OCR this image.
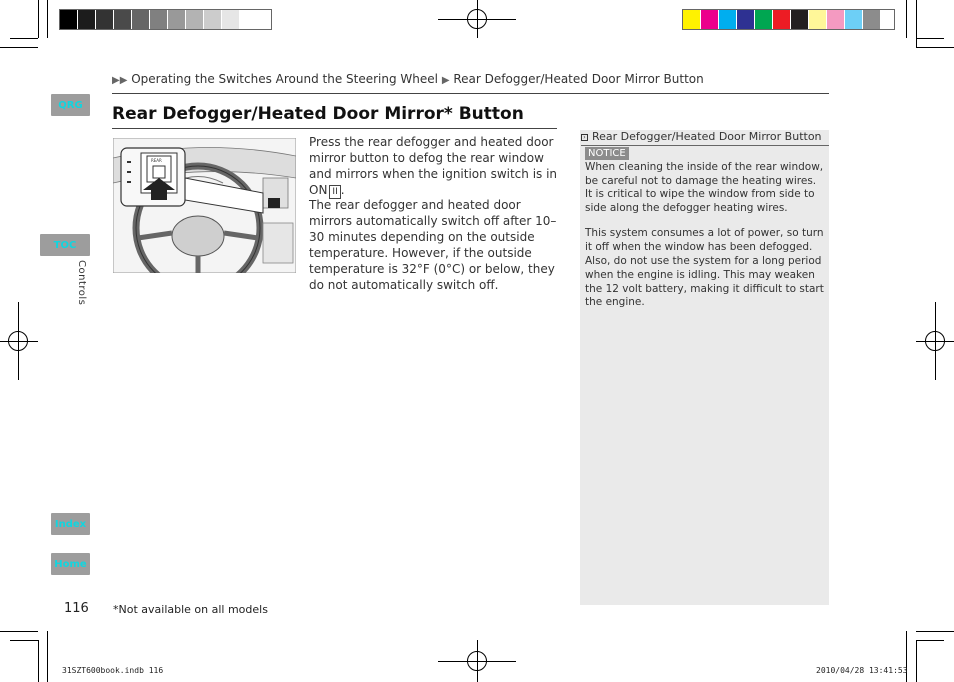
QRG
TOC
Controls
Index
Home
▶▶ Operating the Switches Around the Steering Wheel ▶ Rear Defogger/Heated Door Mirror Button
Rear Defogger/Heated Door Mirror* Button
REAR
Press the rear defogger and heated door mirror button to defog the rear window and mirrors when the ignition switch is in ON II .
The rear defogger and heated door mirrors automatically switch off after 10–30 minutes depending on the outside temperature. However, if the outside temperature is 32°F (0°C) or below, they do not automatically switch off.
› Rear Defogger/Heated Door Mirror Button
NOTICE
When cleaning the inside of the rear window, be careful not to damage the heating wires.
It is critical to wipe the window from side to side along the defogger heating wires.
This system consumes a lot of power, so turn it off when the window has been defogged.
Also, do not use the system for a long period when the engine is idling. This may weaken the 12 volt battery, making it difficult to start the engine.
116 *Not available on all models
31SZT600book.indb 116	2010/04/28 13:41:53
